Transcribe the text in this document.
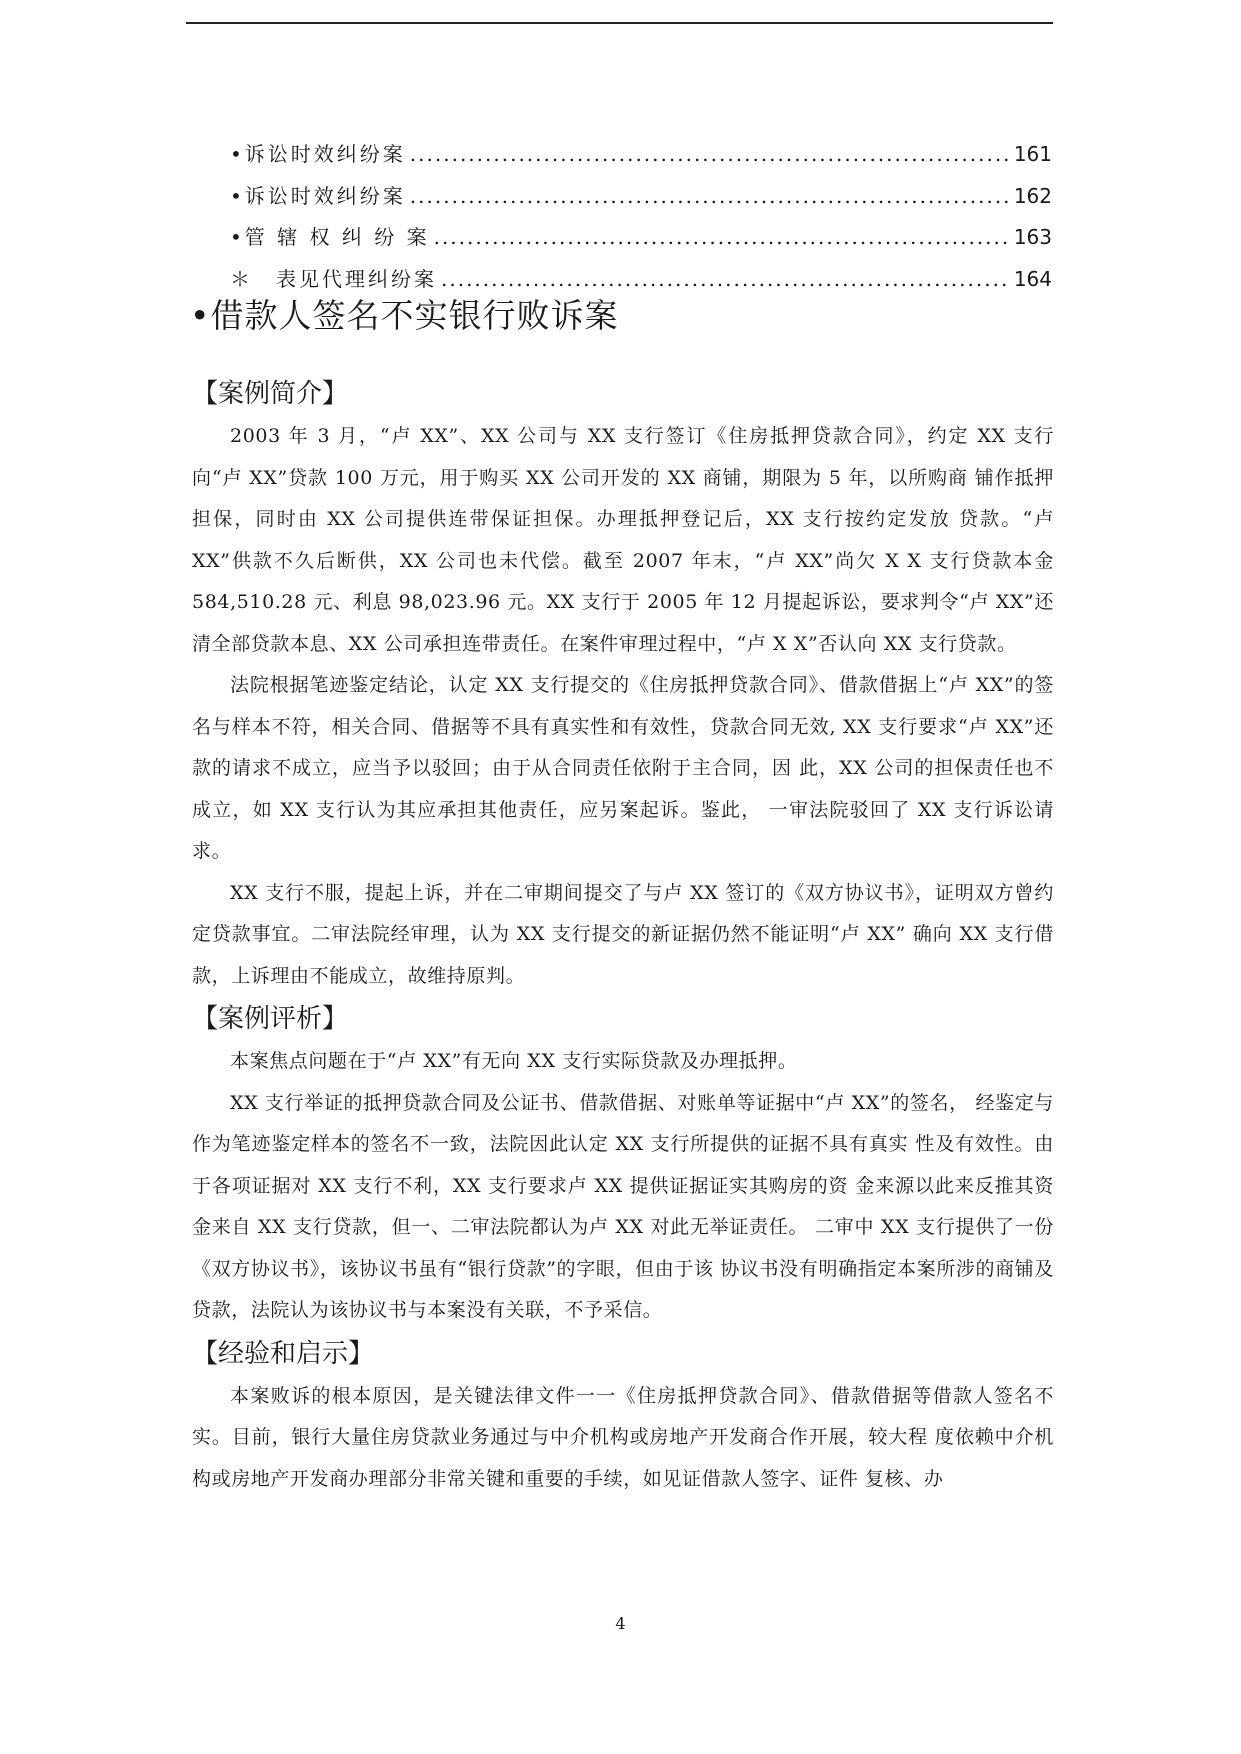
•诉讼时效纠纷案 .....	161
•诉讼时效纠纷案 .....	162
•管 辖 权 纠 纷 案 .....	163
＊　表见代理纠纷案 .....	164
•借款人签名不实银行败诉案
【案例简介】

2003 年 3 月，“卢 XX”、XX 公司与 XX 支行签订《住房抵押贷款合同》，约定 XX 支行向“卢 XX”贷款 100 万元，用于购买 XX 公司开发的 XX 商铺，期限为 5 年，以所购商 铺作抵押担保，同时由 XX 公司提供连带保证担保。办理抵押登记后，XX 支行按约定发放 贷款。“卢 XX”供款不久后断供，XX 公司也未代偿。截至 2007 年末，“卢 XX”尚欠 X X 支行贷款本金 584,510.28 元、利息 98,023.96 元。XX 支行于 2005 年 12 月提起诉讼，要求判令“卢 XX”还清全部贷款本息、XX 公司承担连带责任。在案件审理过程中，“卢 X X”否认向 XX 支行贷款。

法院根据笔迹鉴定结论，认定 XX 支行提交的《住房抵押贷款合同》、借款借据上“卢 XX”的签名与样本不符，相关合同、借据等不具有真实性和有效性，贷款合同无效, XX 支行要求“卢 XX”还款的请求不成立，应当予以驳回；由于从合同责任依附于主合同，因 此，XX 公司的担保责任也不成立，如 XX 支行认为其应承担其他责任，应另案起诉。鉴此， 一审法院驳回了 XX 支行诉讼请求。

XX 支行不服，提起上诉，并在二审期间提交了与卢 XX 签订的《双方协议书》，证明双方曾约定贷款事宜。二审法院经审理，认为 XX 支行提交的新证据仍然不能证明“卢 XX” 确向 XX 支行借款，上诉理由不能成立，故维持原判。

【案例评析】

本案焦点问题在于“卢 XX”有无向 XX 支行实际贷款及办理抵押。

XX 支行举证的抵押贷款合同及公证书、借款借据、对账单等证据中“卢 XX”的签名， 经鉴定与作为笔迹鉴定样本的签名不一致，法院因此认定 XX 支行所提供的证据不具有真实 性及有效性。由于各项证据对 XX 支行不利，XX 支行要求卢 XX 提供证据证实其购房的资 金来源以此来反推其资金来自 XX 支行贷款，但一、二审法院都认为卢 XX 对此无举证责任。 二审中 XX 支行提供了一份《双方协议书》，该协议书虽有“银行贷款”的字眼，但由于该 协议书没有明确指定本案所涉的商铺及贷款，法院认为该协议书与本案没有关联，不予采信。

【经验和启示】

本案败诉的根本原因，是关键法律文件一一《住房抵押贷款合同》、借款借据等借款人签名不实。目前，银行大量住房贷款业务通过与中介机构或房地产开发商合作开展，较大程 度依赖中介机构或房地产开发商办理部分非常关键和重要的手续，如见证借款人签字、证件 复核、办

4
